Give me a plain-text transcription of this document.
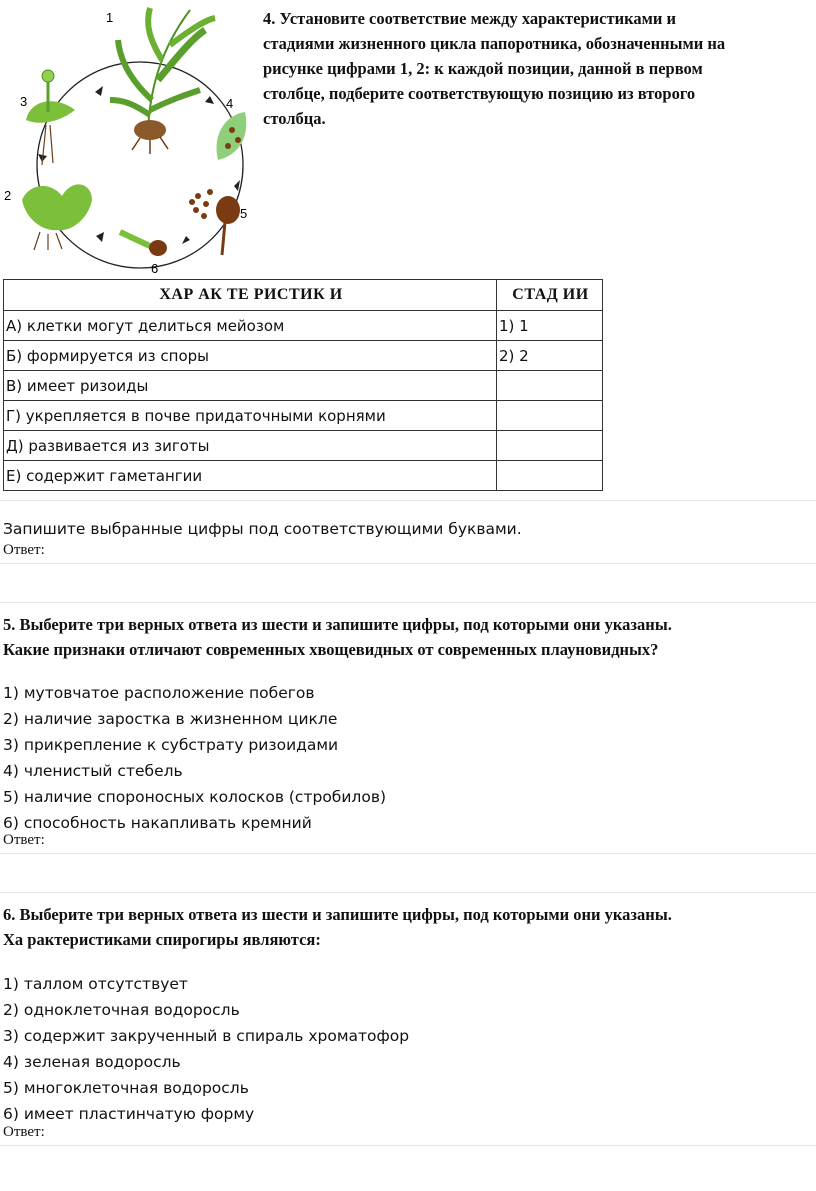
1
2
3	4
5
6
4. Установите соответствие между характеристиками и
стадиями жизненного цикла папоротника, обозначенными на
рисунке цифрами 1, 2: к каждой позиции, данной в первом
столбце, подберите соответствующую позицию из второго
столбца.
ХАР АК ТЕ РИСТИК И	СТАД ИИ
А) клетки могут делиться мейозом	1) 1
Б) формируется из споры	2) 2
В) имеет ризоиды	
Г) укрепляется в почве придаточными корнями	
Д) развивается из зиготы	
Е) содержит гаметангии	
Запишите выбранные цифры под соответствующими буквами.
Ответ:
5. Выберите три верных ответа из шести и запишите цифры, под которыми они указаны.
Какие признаки отличают современных хвощевидных от современных плауновидных?
1) мутовчатое расположение побегов
2) наличие заростка в жизненном цикле
3) прикрепление к субстрату ризоидами
4) членистый стебель
5) наличие спороносных колосков (стробилов)
6) способность накапливать кремний
Ответ:
6. Выберите три верных ответа из шести и запишите цифры, под которыми они указаны.
Ха рактеристиками спирогиры являются:
1) таллом отсутствует
2) одноклеточная водоросль
3) содержит закрученный в спираль хроматофор
4) зеленая водоросль
5) многоклеточная водоросль
6) имеет пластинчатую форму
Ответ:
